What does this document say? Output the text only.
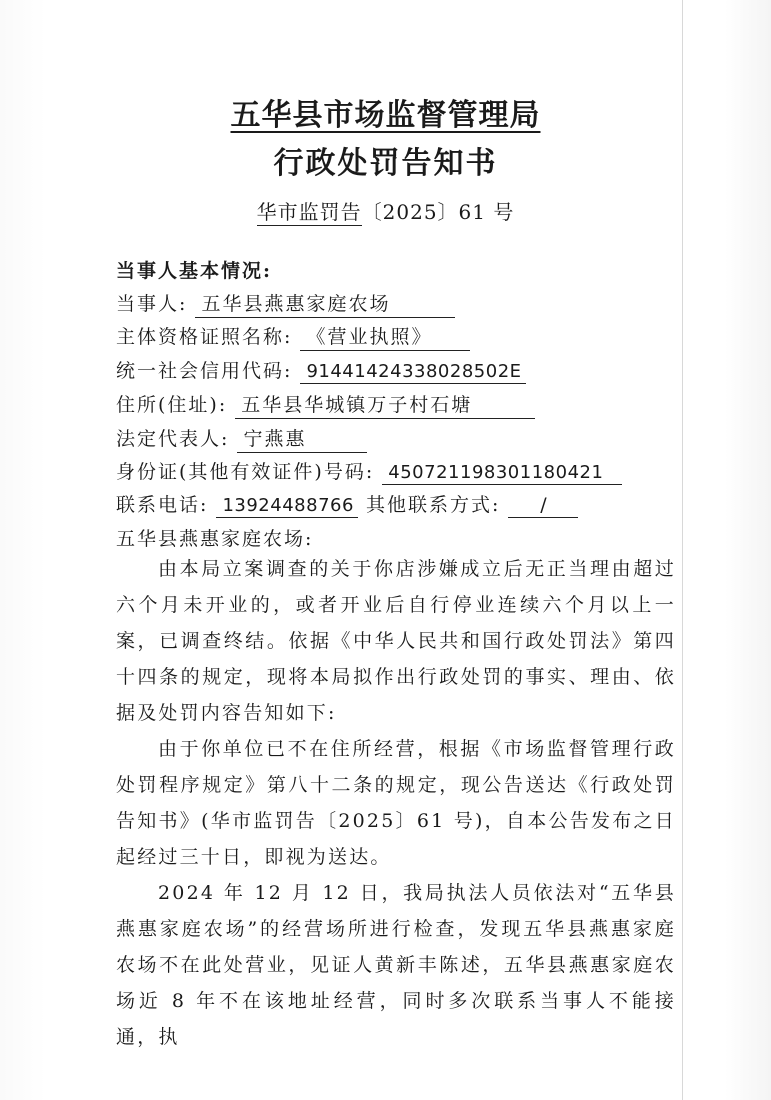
五华县市场监督管理局
行政处罚告知书
华市监罚告〔2025〕61 号
当事人基本情况:
当事人: 五华县燕惠家庭农场
主体资格证照名称: 《营业执照》
统一社会信用代码: 91441424338028502E
住所(住址): 五华县华城镇万子村石塘
法定代表人: 宁燕惠
身份证(其他有效证件)号码: 450721198301180421
联系电话: 13924488766 其他联系方式: /
五华县燕惠家庭农场:
由本局立案调查的关于你店涉嫌成立后无正当理由超过六个月未开业的，或者开业后自行停业连续六个月以上一案，已调查终结。依据《中华人民共和国行政处罚法》第四十四条的规定，现将本局拟作出行政处罚的事实、理由、依据及处罚内容告知如下:
由于你单位已不在住所经营，根据《市场监督管理行政处罚程序规定》第八十二条的规定，现公告送达《行政处罚告知书》(华市监罚告〔2025〕61 号)，自本公告发布之日起经过三十日，即视为送达。
2024 年 12 月 12 日，我局执法人员依法对“五华县燕惠家庭农场”的经营场所进行检查，发现五华县燕惠家庭农场不在此处营业，见证人黄新丰陈述，五华县燕惠家庭农场近 8 年不在该地址经营，同时多次联系当事人不能接通，执
